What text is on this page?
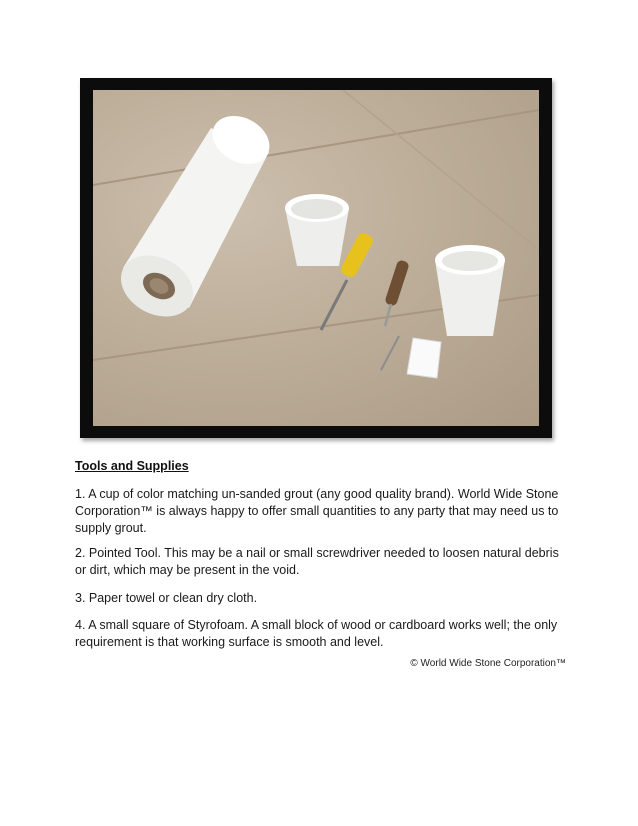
Tools and Supplies

1. A cup of color matching un-sanded grout (any good quality brand). World Wide Stone Corporation™ is always happy to offer small quantities to any party that may need us to supply grout.

2. Pointed Tool. This may be a nail or small screwdriver needed to loosen natural debris or dirt, which may be present in the void.

3. Paper towel or clean dry cloth.

4. A small square of Styrofoam. A small block of wood or cardboard works well; the only requirement is that working surface is smooth and level.

© World Wide Stone Corporation™
